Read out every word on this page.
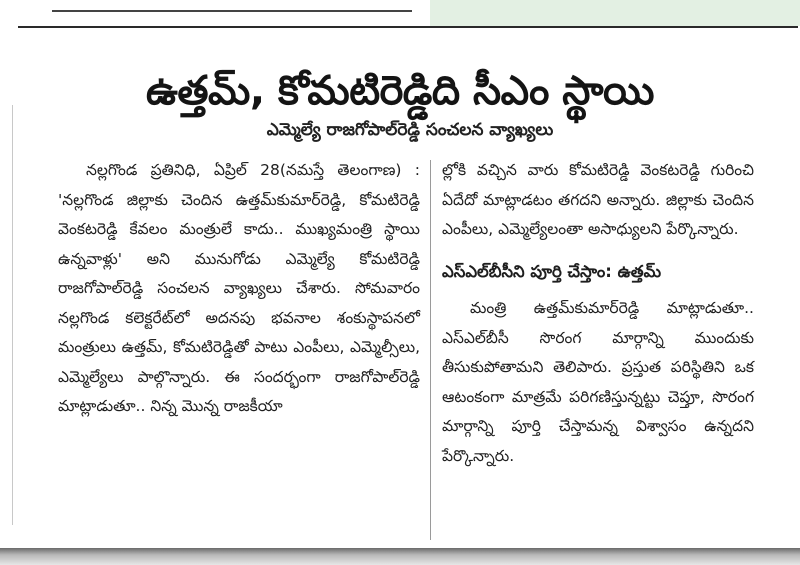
ఉత్తమ్‌, కోమటిరెడ్డిది సీఎం స్థాయి
ఎమ్మెల్యే రాజగోపాల్‌రెడ్డి సంచలన వ్యాఖ్యలు

నల్లగొండ ప్రతినిధి, ఏప్రిల్‌ 28(నమస్తే తెలంగాణ) : 'నల్లగొండ జిల్లాకు చెందిన ఉత్తమ్‌కుమార్‌రెడ్డి, కోమటిరెడ్డి వెంకటరెడ్డి కేవలం మంత్రులే కాదు.. ముఖ్యమంత్రి స్థాయి ఉన్నవాళ్లు' అని మునుగోడు ఎమ్మెల్యే కోమటిరెడ్డి రాజగోపాల్‌రెడ్డి సంచలన వ్యాఖ్యలు చేశారు. సోమవారం నల్లగొండ కలెక్టరేట్‌లో అదనపు భవనాల శంకుస్థాపనలో మంత్రులు ఉత్తమ్‌, కోమటిరెడ్డితో పాటు ఎంపీలు, ఎమ్మెల్సీలు, ఎమ్మెల్యేలు పాల్గొన్నారు. ఈ సందర్భంగా రాజగోపాల్‌రెడ్డి మాట్లాడుతూ.. నిన్న మొన్న రాజకీయా

ల్లోకి వచ్చిన వారు కోమటిరెడ్డి వెంకటరెడ్డి గురించి ఏదేదో మాట్లాడటం తగదని అన్నారు. జిల్లాకు చెందిన ఎంపీలు, ఎమ్మెల్యేలంతా అసాధ్యులని పేర్కొన్నారు.

ఎస్‌ఎల్‌బీసీని పూర్తి చేస్తాం: ఉత్తమ్‌

మంత్రి ఉత్తమ్‌కుమార్‌రెడ్డి మాట్లాడుతూ.. ఎస్‌ఎల్‌బీసీ సొరంగ మార్గాన్ని ముందుకు తీసుకుపోతామని తెలిపారు. ప్రస్తుత పరిస్థితిని ఒక ఆటంకంగా మాత్రమే పరిగణిస్తున్నట్టు చెప్తూ, సొరంగ మార్గాన్ని పూర్తి చేస్తామన్న విశ్వాసం ఉన్నదని పేర్కొన్నారు.
